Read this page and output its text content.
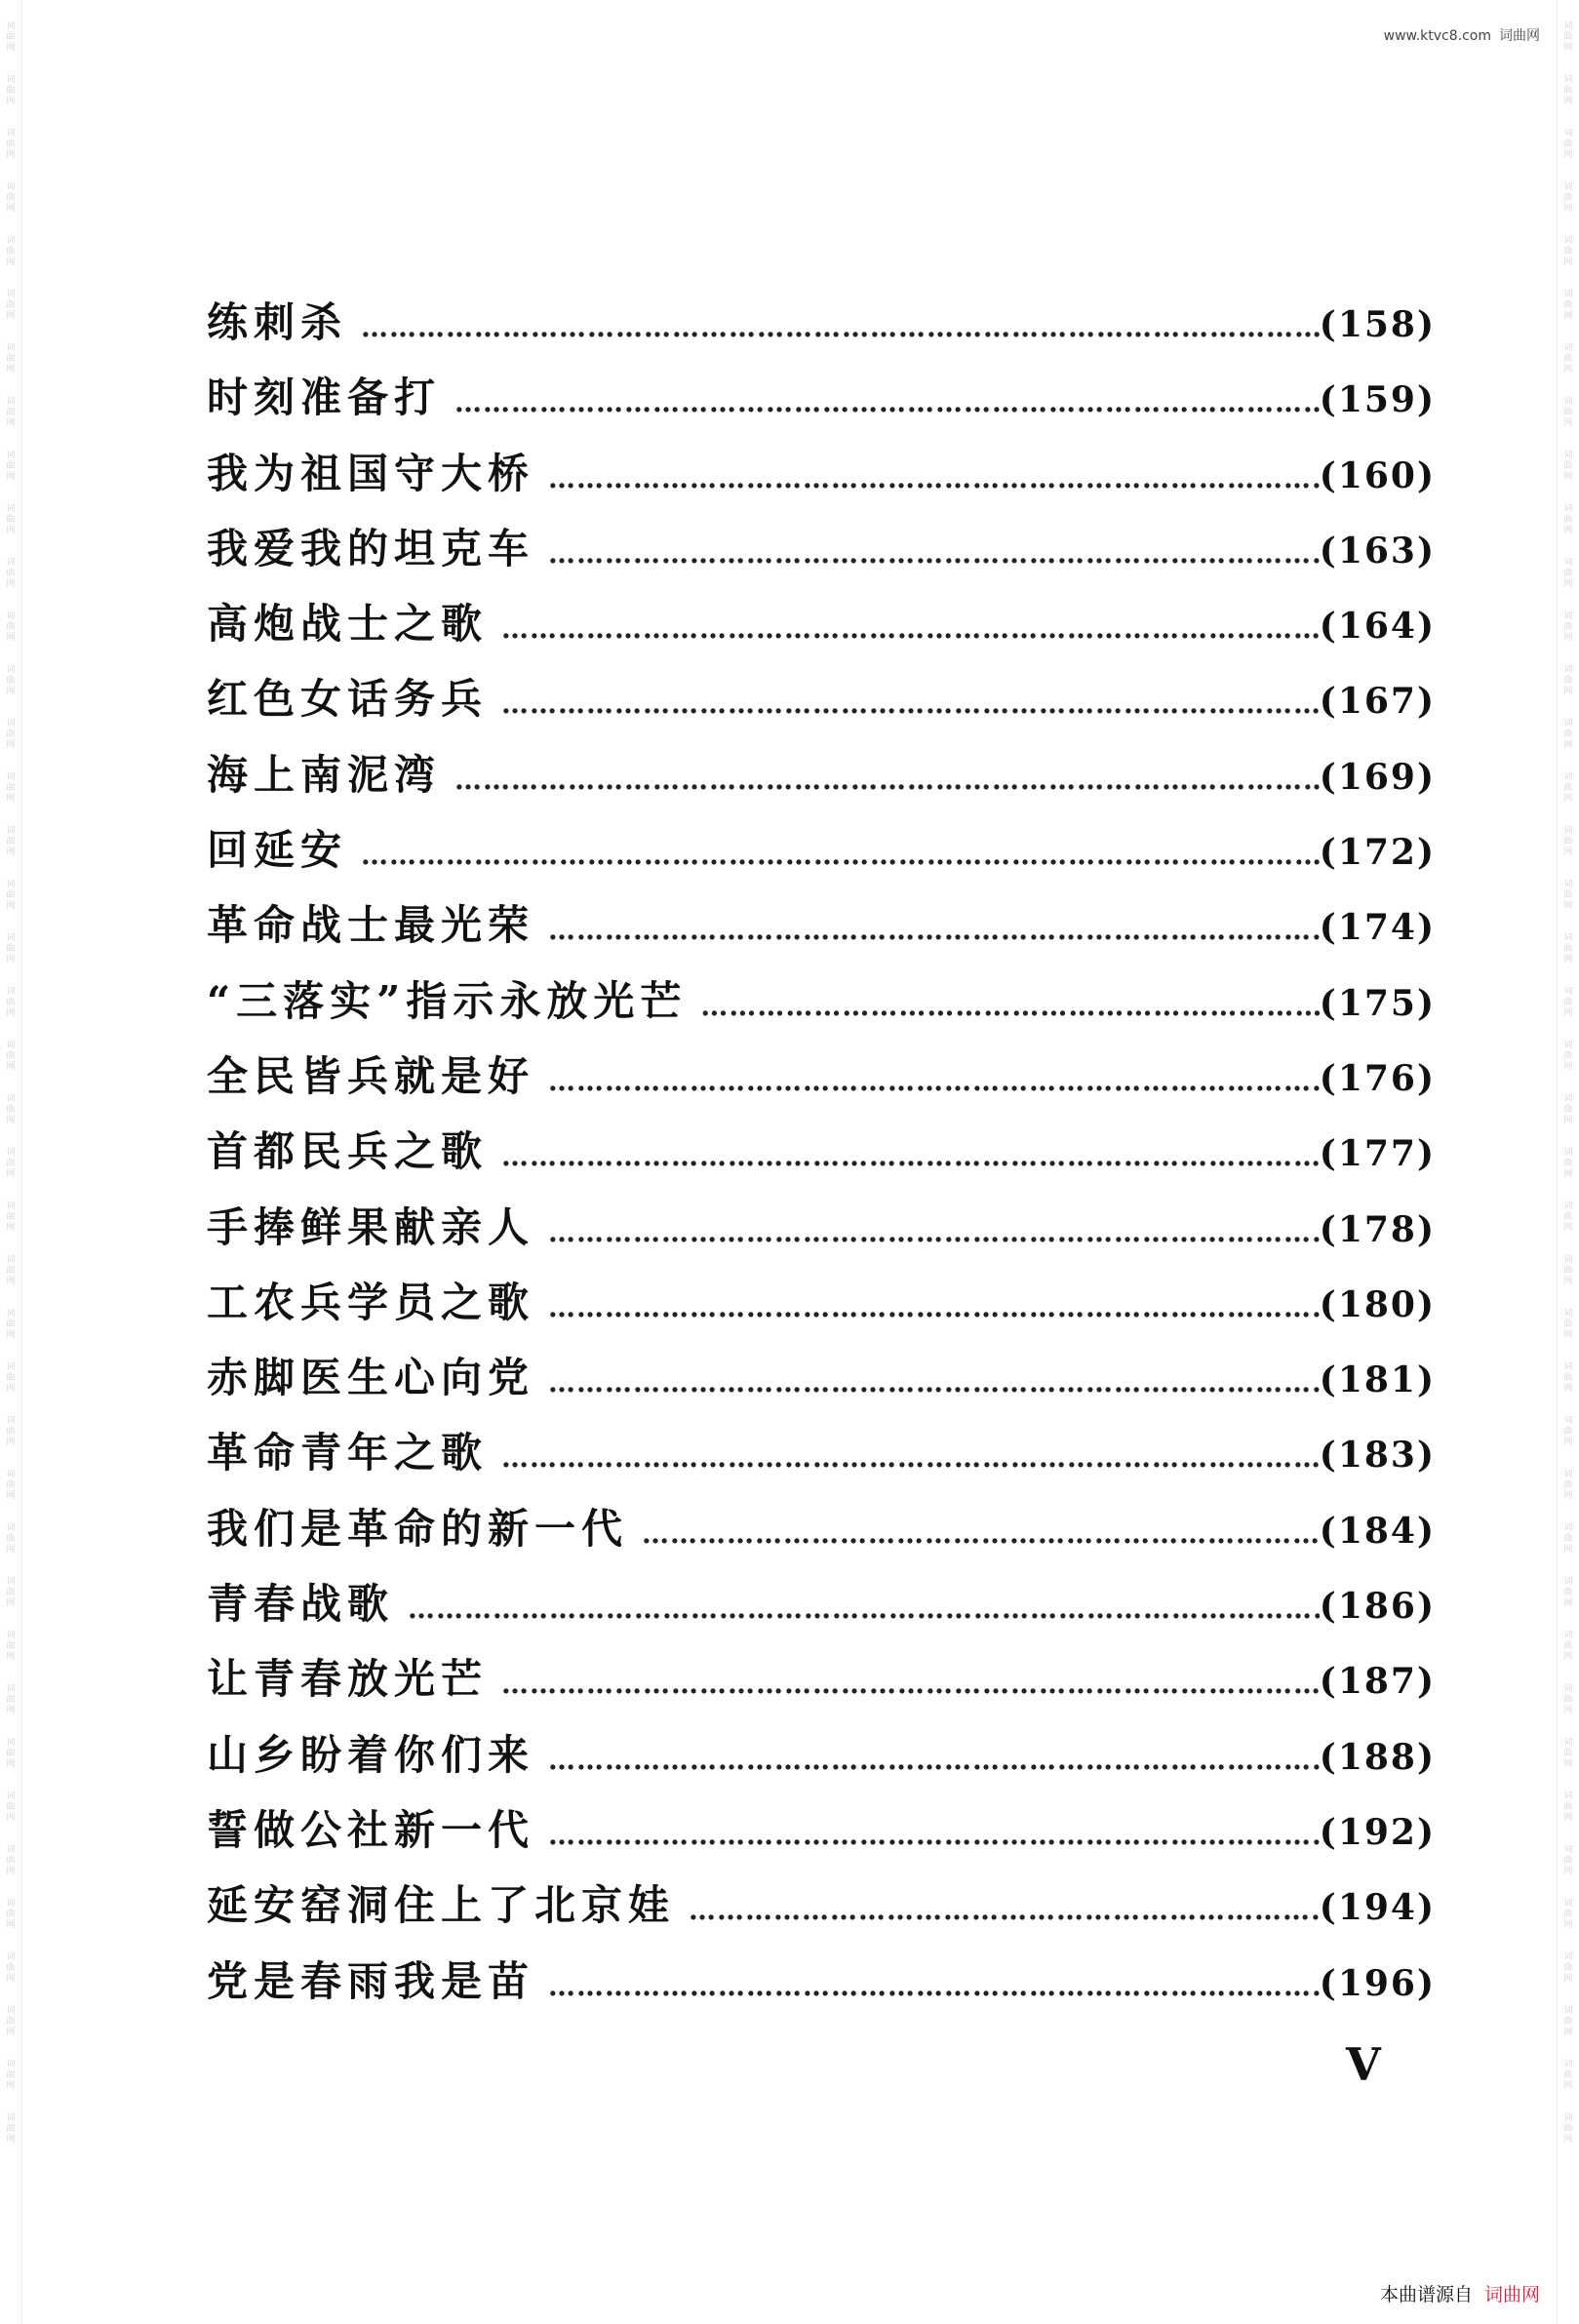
词曲网
词曲网
词曲网
词曲网
词曲网
词曲网
词曲网
词曲网
词曲网
词曲网
词曲网
词曲网
词曲网
词曲网
词曲网
词曲网
词曲网
词曲网
词曲网
词曲网
词曲网
词曲网
词曲网
词曲网
词曲网
词曲网
词曲网
词曲网
词曲网
词曲网
词曲网
词曲网
词曲网
词曲网
词曲网
词曲网
词曲网
词曲网
词曲网
词曲网
词曲网
词曲网
词曲网
词曲网
词曲网
词曲网
词曲网
词曲网
词曲网
词曲网
词曲网
词曲网
词曲网
词曲网
词曲网
词曲网
词曲网
词曲网
词曲网
词曲网
词曲网
词曲网
词曲网
词曲网
词曲网
词曲网
词曲网
词曲网
词曲网
词曲网
词曲网
词曲网
词曲网
词曲网
词曲网
词曲网
词曲网
词曲网
词曲网
词曲网
www.ktvc8.com 词曲网
练刺杀 ………………………………………………………………………………………………………………………………………………………………………………………………	(158)
时刻准备打 ………………………………………………………………………………………………………………………………………………………………………………………………	(159)
我为祖国守大桥 ………………………………………………………………………………………………………………………………………………………………………………………………	(160)
我爱我的坦克车 ………………………………………………………………………………………………………………………………………………………………………………………………	(163)
高炮战士之歌 ………………………………………………………………………………………………………………………………………………………………………………………………	(164)
红色女话务兵 ………………………………………………………………………………………………………………………………………………………………………………………………	(167)
海上南泥湾 ………………………………………………………………………………………………………………………………………………………………………………………………	(169)
回延安 ………………………………………………………………………………………………………………………………………………………………………………………………	(172)
革命战士最光荣 ………………………………………………………………………………………………………………………………………………………………………………………………	(174)
“三落实”指示永放光芒 ………………………………………………………………………………………………………………………………………………………………………………………………	(175)
全民皆兵就是好 ………………………………………………………………………………………………………………………………………………………………………………………………	(176)
首都民兵之歌 ………………………………………………………………………………………………………………………………………………………………………………………………	(177)
手捧鲜果献亲人 ………………………………………………………………………………………………………………………………………………………………………………………………	(178)
工农兵学员之歌 ………………………………………………………………………………………………………………………………………………………………………………………………	(180)
赤脚医生心向党 ………………………………………………………………………………………………………………………………………………………………………………………………	(181)
革命青年之歌 ………………………………………………………………………………………………………………………………………………………………………………………………	(183)
我们是革命的新一代 ………………………………………………………………………………………………………………………………………………………………………………………………	(184)
青春战歌 ………………………………………………………………………………………………………………………………………………………………………………………………	(186)
让青春放光芒 ………………………………………………………………………………………………………………………………………………………………………………………………	(187)
山乡盼着你们来 ………………………………………………………………………………………………………………………………………………………………………………………………	(188)
誓做公社新一代 ………………………………………………………………………………………………………………………………………………………………………………………………	(192)
延安窑洞住上了北京娃 ………………………………………………………………………………………………………………………………………………………………………………………………	(194)
党是春雨我是苗 ………………………………………………………………………………………………………………………………………………………………………………………………	(196)
V
本曲谱源自 词曲网
